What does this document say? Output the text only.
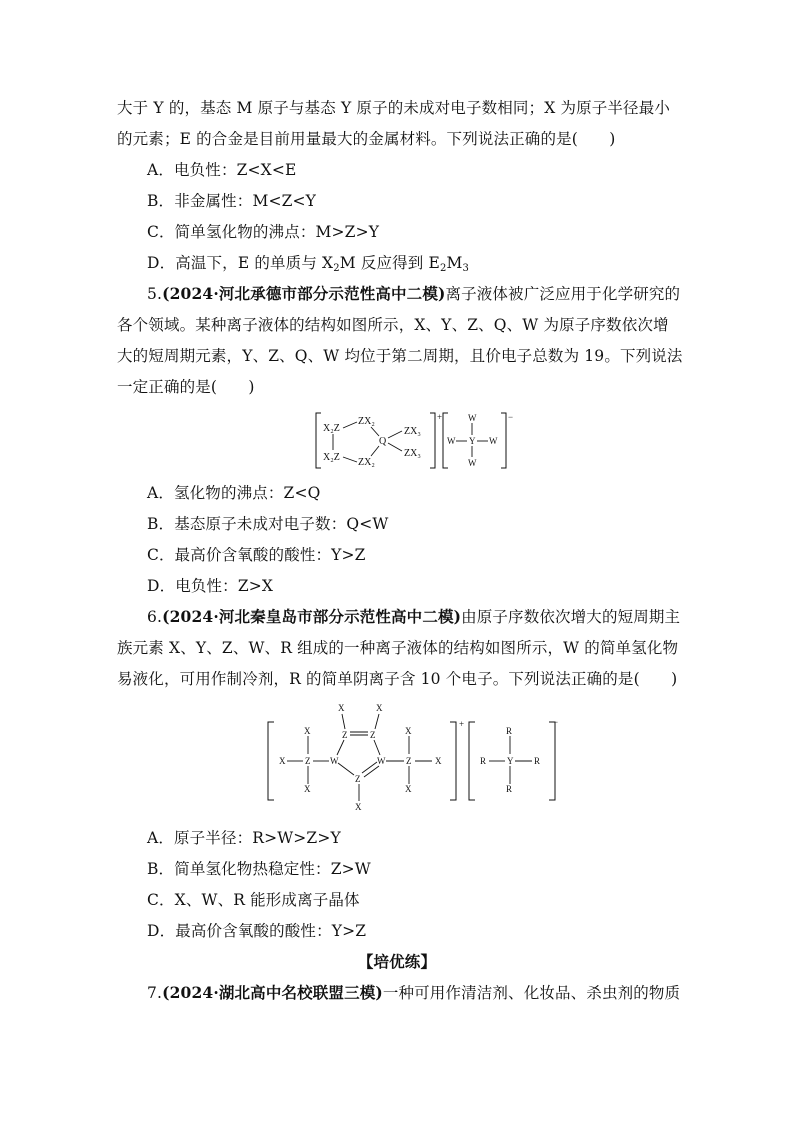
大于 Y 的，基态 M 原子与基态 Y 原子的未成对电子数相同；X 为原子半径最小
的元素；E 的合金是目前用量最大的金属材料。下列说法正确的是(　　)
A．电负性：Z<X<E
B．非金属性：M<Z<Y
C．简单氢化物的沸点：M>Z>Y
D．高温下，E 的单质与 $X_2M$ 反应得到 $E_2M_3$
5.(2024·河北承德市部分示范性高中二模)离子液体被广泛应用于化学研究的
各个领域。某种离子液体的结构如图所示，X、Y、Z、Q、W 为原子序数依次增
大的短周期元素，Y、Z、Q、W 均位于第二周期，且价电子总数为 19。下列说法
一定正确的是(　　)
+	−
X₂Z
ZX₂
Q
ZX₃
X₂Z ZX₂
ZX₃
W
W Y W
W
A．氢化物的沸点：Z<Q
B．基态原子未成对电子数：Q<W
C．最高价含氧酸的酸性：Y>Z
D．电负性：Z>X
6.(2024·河北秦皇岛市部分示范性高中二模)由原子序数依次增大的短周期主
族元素 X、Y、Z、W、R 组成的一种离子液体的结构如图所示，W 的简单氢化物
易液化，可用作制冷剂，R 的简单阴离子含 10 个电子。下列说法正确的是(　　)
+	−
X
X Z
X
X	X
Z	Z
W	W
Z
X
X
Z	X
X
R
R Y R
R
A．原子半径：R>W>Z>Y
B．简单氢化物热稳定性：Z>W
C．X、W、R 能形成离子晶体
D．最高价含氧酸的酸性：Y>Z
【培优练】
7.(2024·湖北高中名校联盟三模)一种可用作清洁剂、化妆品、杀虫剂的物质
